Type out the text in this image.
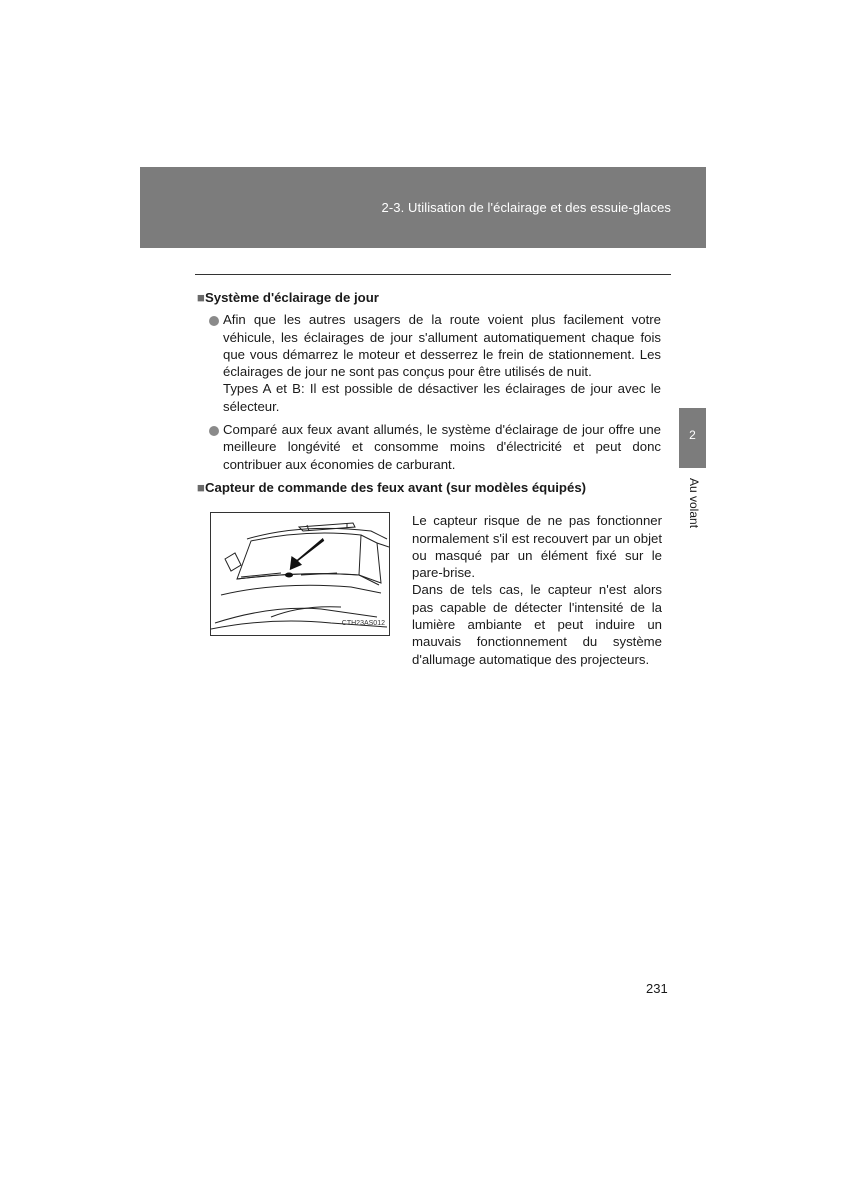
2-3. Utilisation de l'éclairage et des essuie-glaces
■Système d'éclairage de jour
Afin que les autres usagers de la route voient plus facilement votre véhicule, les éclairages de jour s'allument automatiquement chaque fois que vous démarrez le moteur et desserrez le frein de stationnement. Les éclairages de jour ne sont pas conçus pour être utilisés de nuit.
Types A et B: Il est possible de désactiver les éclairages de jour avec le sélecteur.
Comparé aux feux avant allumés, le système d'éclairage de jour offre une meilleure longévité et consomme moins d'électricité et peut donc contribuer aux économies de carburant.
■Capteur de commande des feux avant (sur modèles équipés)
CTH23AS012
Le capteur risque de ne pas fonctionner normalement s'il est recouvert par un objet ou masqué par un élément fixé sur le pare-brise.
Dans de tels cas, le capteur n'est alors pas capable de détecter l'intensité de la lumière ambiante et peut induire un mauvais fonctionnement du système d'allumage automatique des projecteurs.
2
Au volant
231
